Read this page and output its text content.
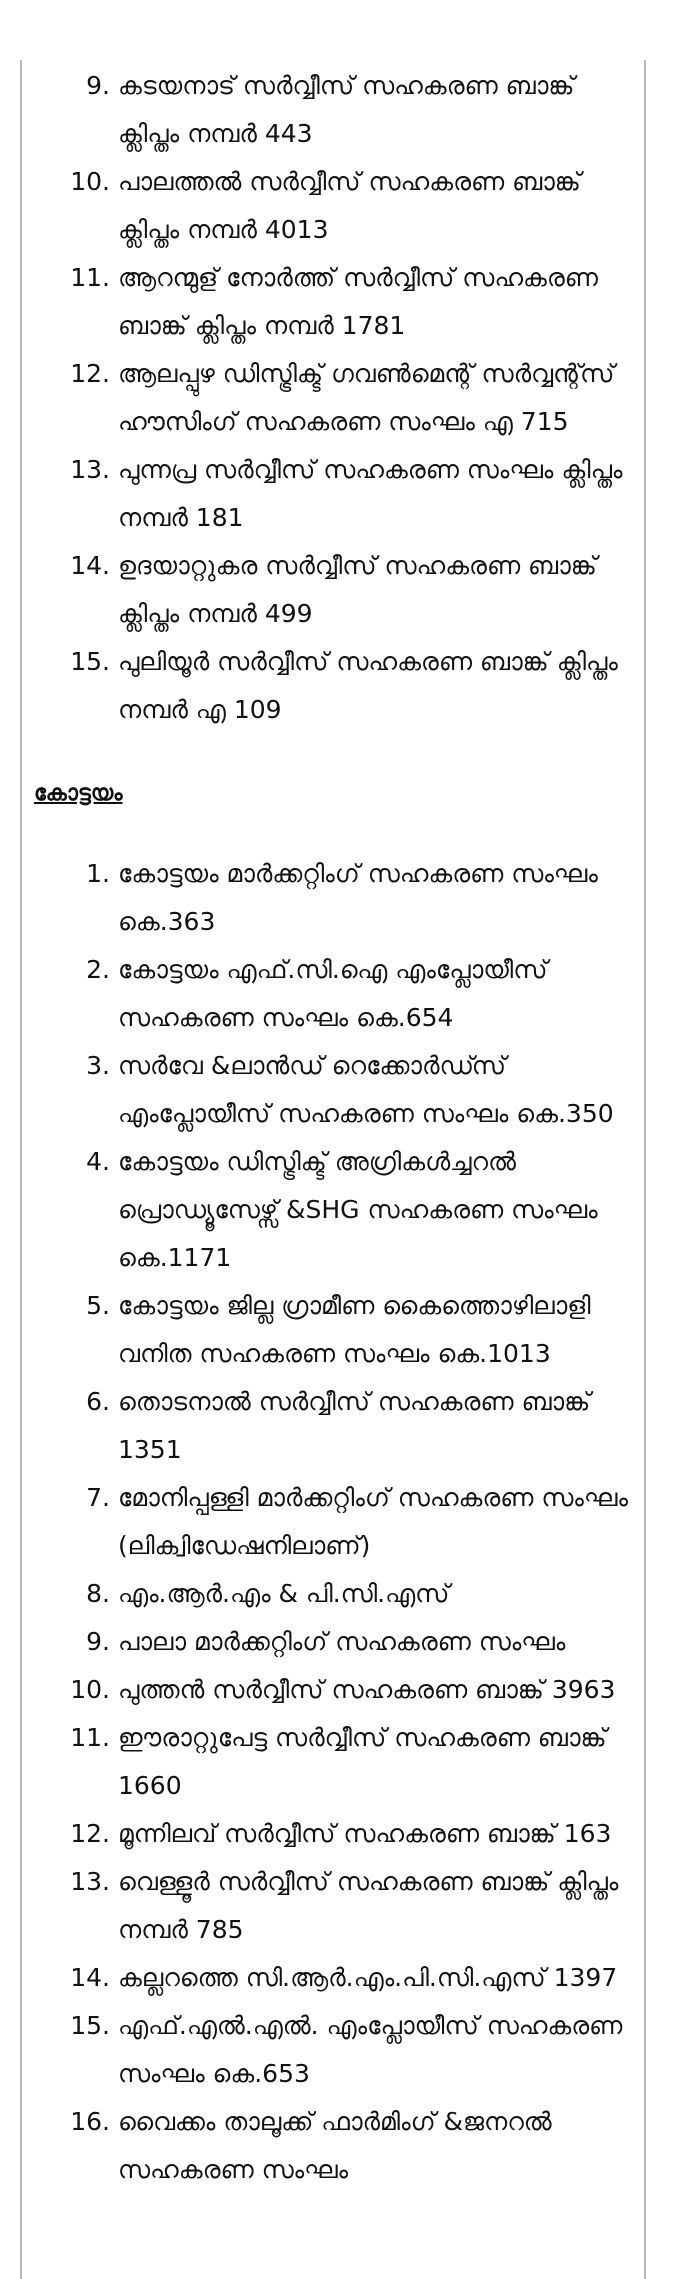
9. കടയനാട് സർവ്വീസ് സഹകരണ ബാങ്ക് ക്ലിപ്തം നമ്പർ 443
10. പാലത്തൽ സർവ്വീസ് സഹകരണ ബാങ്ക് ക്ലിപ്തം നമ്പർ 4013
11. ആറന്മുള് നോർത്ത് സർവ്വീസ് സഹകരണ ബാങ്ക് ക്ലിപ്തം നമ്പർ 1781
12. ആലപ്പുഴ ഡിസ്ട്രിക്ട് ഗവൺമെന്റ് സർവ്വന്റ്സ് ഹൗസിംഗ് സഹകരണ സംഘം എ 715
13. പുന്നപ്ര സർവ്വീസ് സഹകരണ സംഘം ക്ലിപ്തം നമ്പർ 181
14. ഉദയാറ്റുകര സർവ്വീസ് സഹകരണ ബാങ്ക് ക്ലിപ്തം നമ്പർ 499
15. പുലിയൂർ സർവ്വീസ് സഹകരണ ബാങ്ക് ക്ലിപ്തം നമ്പർ എ 109
കോട്ടയം
1. കോട്ടയം മാർക്കറ്റിംഗ് സഹകരണ സംഘം കെ.363
2. കോട്ടയം എഫ്.സി.ഐ എംപ്ലോയീസ് സഹകരണ സംഘം കെ.654
3. സർവേ &ലാൻഡ് റെക്കോർഡ്സ് എംപ്ലോയീസ് സഹകരണ സംഘം കെ.350
4. കോട്ടയം ഡിസ്ട്രിക്ട് അഗ്രികൾച്ചറൽ പ്രൊഡ്യൂസേഴ്സ് &SHG സഹകരണ സംഘം കെ.1171
5. കോട്ടയം ജില്ല ഗ്രാമീണ കൈത്തൊഴിലാളി വനിത സഹകരണ സംഘം കെ.1013
6. തൊടനാൽ സർവ്വീസ് സഹകരണ ബാങ്ക് 1351
7. മോനിപ്പള്ളി മാർക്കറ്റിംഗ് സഹകരണ സംഘം (ലിക്വിഡേഷനിലാണ്)
8. എം.ആർ.എം & പി.സി.എസ്
9. പാലാ മാർക്കറ്റിംഗ് സഹകരണ സംഘം
10. പുത്തൻ സർവ്വീസ് സഹകരണ ബാങ്ക് 3963
11. ഈരാറ്റുപേട്ട സർവ്വീസ് സഹകരണ ബാങ്ക് 1660
12. മൂന്നിലവ് സർവ്വീസ് സഹകരണ ബാങ്ക് 163
13. വെള്ളൂർ സർവ്വീസ് സഹകരണ ബാങ്ക് ക്ലിപ്തം നമ്പർ 785
14. കല്ലറത്തെ സി.ആർ.എം.പി.സി.എസ് 1397
15. എഫ്.എൽ.എൽ. എംപ്ലോയീസ് സഹകരണ സംഘം കെ.653
16. വൈക്കം താലൂക്ക് ഫാർമിംഗ് &ജനറൽ സഹകരണ സംഘം
